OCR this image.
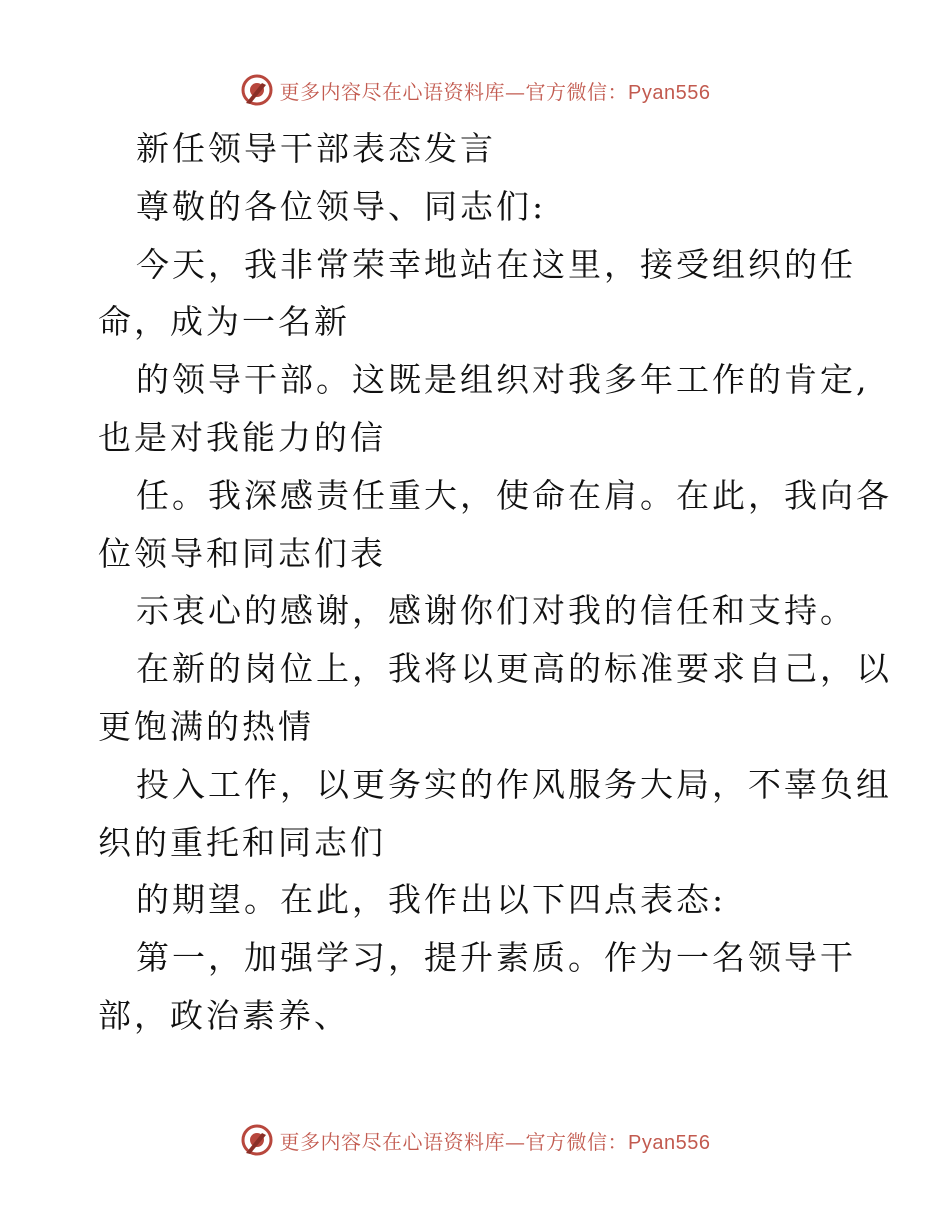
更多内容尽在心语资料库—官方微信：Pyan556
新任领导干部表态发言
尊敬的各位领导、同志们:
今天，我非常荣幸地站在这里，接受组织的任
命，成为一名新
的领导干部。这既是组织对我多年工作的肯定,
也是对我能力的信
任。我深感责任重大，使命在肩。在此，我向各
位领导和同志们表
示衷心的感谢，感谢你们对我的信任和支持。
在新的岗位上，我将以更高的标准要求自己，以
更饱满的热情
投入工作，以更务实的作风服务大局，不辜负组
织的重托和同志们
的期望。在此，我作出以下四点表态:
第一，加强学习，提升素质。作为一名领导干
部，政治素养、
更多内容尽在心语资料库—官方微信：Pyan556
